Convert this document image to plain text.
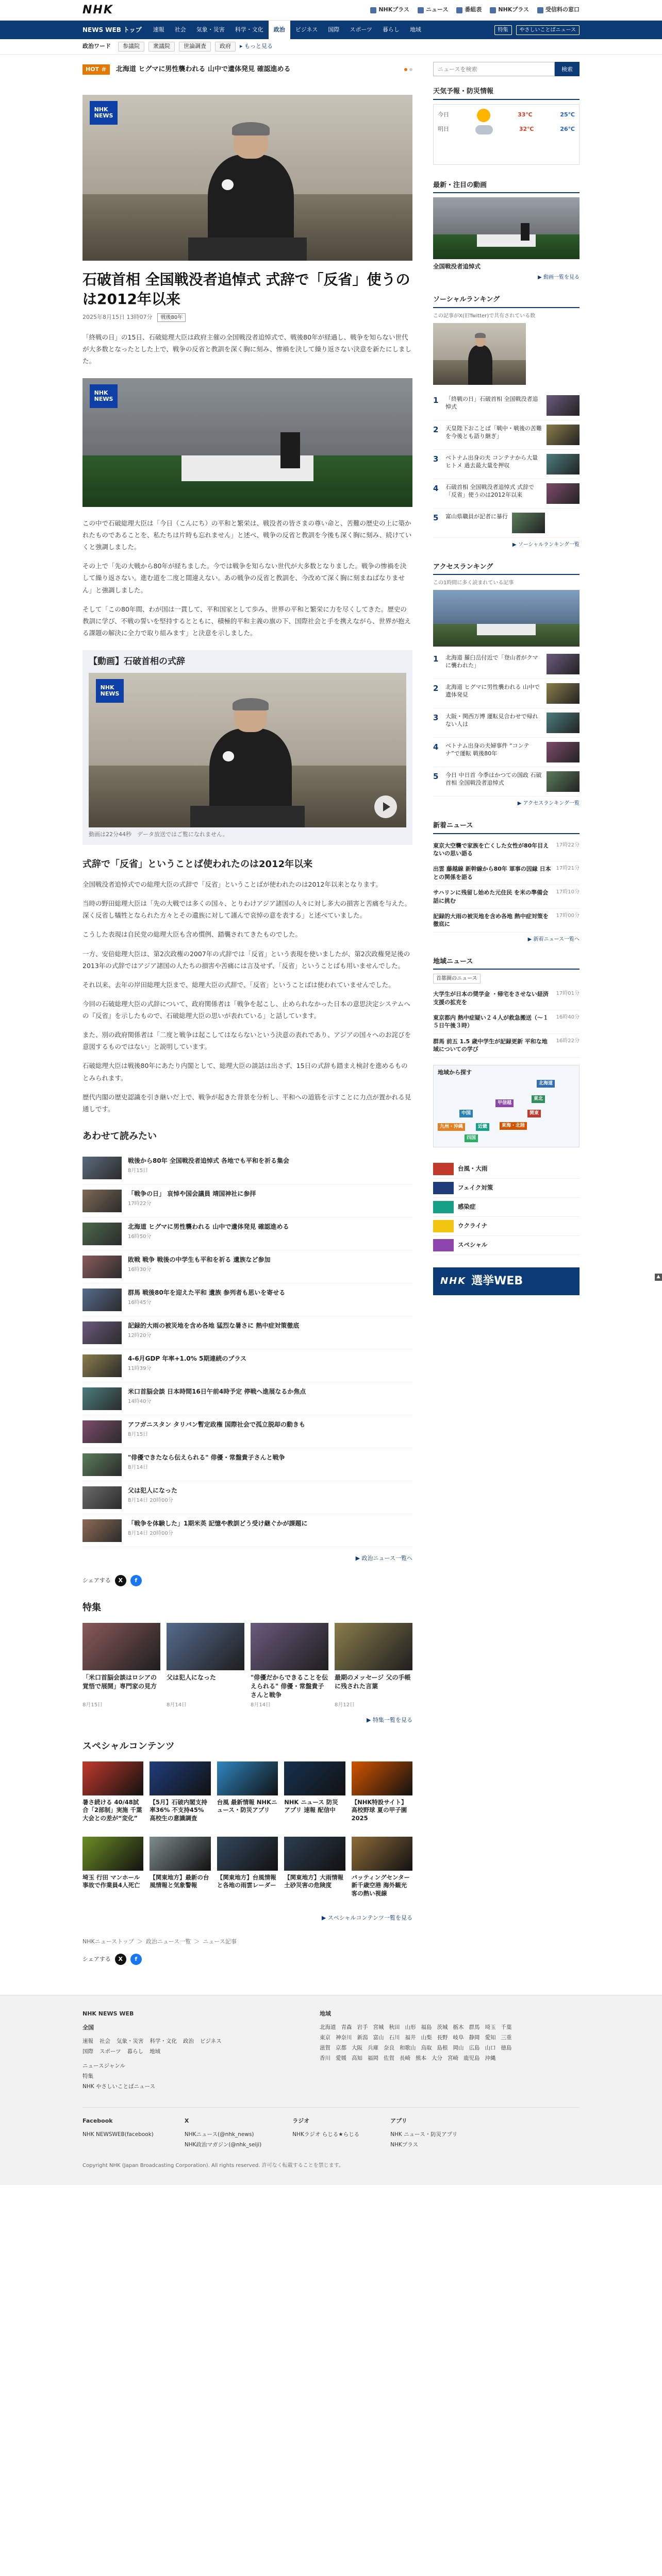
NHK	NHKプラス	ニュース	番組表	NHKプラス	受信料の窓口
NEWS WEB トップ	速報	社会	気象・災害	科学・文化	政治	ビジネス	国際	スポーツ	暮らし	地域	特集	やさしいことばニュース
政治ワード	参議院	衆議院	世論調査	政府	▸ もっと見る
HOT ＃	北海道 ヒグマに男性襲われる 山中で遺体発見 確認進める
NHK
NEWS
石破首相 全国戦没者追悼式 式辞で「反省」使うのは2012年以来
2025年8月15日 13時07分	戦後80年

「終戦の日」の15日、石破総理大臣は政府主催の全国戦没者追悼式で、戦後80年が経過し、戦争を知らない世代が大多数となったとした上で、戦争の反省と教訓を深く胸に刻み、惨禍を決して繰り返さない決意を新たにしました。

NHK
NEWS

この中で石破総理大臣は「今日（こんにち）の平和と繁栄は、戦没者の皆さまの尊い命と、苦難の歴史の上に築かれたものであることを、私たちは片時も忘れません」と述べ、戦争の反省と教訓を今後も深く胸に刻み、続けていくと強調しました。

その上で「先の大戦から80年が経ちました。今では戦争を知らない世代が大多数となりました。戦争の惨禍を決して繰り返さない。進む道を二度と間違えない。あの戦争の反省と教訓を、今改めて深く胸に刻まねばなりません」と強調しました。

そして「この80年間、わが国は一貫して、平和国家として歩み、世界の平和と繁栄に力を尽くしてきた。歴史の教訓に学び、不戦の誓いを堅持するとともに、積極的平和主義の旗の下、国際社会と手を携えながら、世界が抱える課題の解決に全力で取り組みます」と決意を示しました。

【動画】石破首相の式辞
NHK
NEWS
動画は22分44秒　データ放送ではご覧になれません。
式辞で「反省」ということば使われたのは2012年以来

全国戦没者追悼式での総理大臣の式辞で「反省」ということばが使われたのは2012年以来となります。

当時の野田総理大臣は「先の大戦では多くの国々、とりわけアジア諸国の人々に対し多大の損害と苦痛を与えた。深く反省し犠牲となられた方々とその遺族に対して謹んで哀悼の意を表する」と述べていました。

こうした表現は自民党の総理大臣も含め慣例、踏襲されてきたものでした。

一方、安倍総理大臣は、第2次政権の2007年の式辞では「反省」という表現を使いましたが、第2次政権発足後の2013年の式辞ではアジア諸国の人たちの損害や苦痛には言及せず、「反省」ということばも用いませんでした。

それ以来、去年の岸田総理大臣まで、総理大臣の式辞で、「反省」ということばは使われていませんでした。

今回の石破総理大臣の式辞について、政府関係者は「戦争を起こし、止められなかった日本の意思決定システムへの『反省』を示したもので、石破総理大臣の思いが表れている」と話しています。

また、別の政府関係者は「二度と戦争は起こしてはならないという決意の表れであり、アジアの国々へのお詫びを意図するものではない」と説明しています。

石破総理大臣は戦後80年にあたり内閣として、総理大臣の談話は出さず、15日の式辞も踏まえ検討を進めるものとみられます。

歴代内閣の歴史認識を引き継いだ上で、戦争が起きた背景を分析し、平和への道筋を示すことに力点が置かれる見通しです。

あわせて読みたい
戦後から80年 全国戦没者追悼式 各地でも平和を祈る集会
8月15日
「戦争の日」 哀悼や国会議員 靖国神社に参拝
17時22分
北海道 ヒグマに男性襲われる 山中で遺体発見 確認進める
16時50分
敗戦 戦争 戦後の中学生も平和を祈る 遺族など参加
16時30分
群馬 戦後80年を迎えた平和 遺族 参列者も思いを寄せる
16時45分
記録的大雨の被災地を含め各地 猛烈な暑さに 熱中症対策徹底
12時20分
4-6月GDP 年率+1.0% 5期連続のプラス
11時39分
米口首脳会談 日本時間16日午前4時予定 停戦へ進展なるか焦点
14時40分
アフガニスタン タリバン暫定政権 国際社会で孤立脱却の動きも
8月15日
"俳優できたなら伝えられる" 俳優・常盤貴子さんと戦争
8月14日
父は犯人になった
8月14日 20時00分
「戦争を体験した」1期米英 記憶や教訓どう受け継ぐかが課題に
8月14日 20時00分
▶ 政治ニュース一覧へ
シェアする	X	f
特集
「米口首脳会談はロシアの覚悟で展開」専門家の見方
8月15日
父は犯人になった
8月14日
"俳優だからできることを伝えられる" 俳優・常盤貴子さんと戦争
8月14日
最期のメッセージ 父の手帳に残された言葉
8月12日
▶ 特集一覧を見る
スペシャルコンテンツ
暑さ続ける 40/48試合「2部制」実施 千葉大会との差が“変化”
【5月】石破内閣支持率36% 不支持45% 高校生の意識調査
台風 最新情報 NHKニュース・防災アプリ
NHK ニュース 防災 アプリ 速報 配信中
【NHK特設サイト】高校野球 夏の甲子園 2025
埼玉 行田 マンホール事故で作業員4人死亡
【関東地方】最新の台風情報と気象警報
【関東地方】台風情報と各地の雨雲レーダー
【関東地方】大雨情報 土砂災害の危険度
バッティングセンター 新千歳空港 海外観光客の熱い視線
▶ スペシャルコンテンツ一覧を見る
NHKニューストップ ＞ 政治ニュース一覧 ＞ ニュース記事
シェアする	X	f
ニュースを検索
検索
天気予報・防災情報
今日	33℃	25℃
明日	32℃	26℃
最新・注目の動画
全国戦没者追悼式
▶ 動画一覧を見る
ソーシャルランキング
この記事がX(旧Twitter)で共有されている数
1	「終戦の日」石破首相 全国戦没者追悼式
2	天皇陛下おことば「戦中・戦後の苦難を今後とも語り継ぎ」
3	ベトナム出身の夫 コンテナから大量ヒトメ 過去最大量を押収
4	石破首相 全国戦没者追悼式 式辞で「反省」使うのは2012年以来
5	富山県職員が記者に暴行
▶ ソーシャルランキング一覧
アクセスランキング
この1時間に多く読まれている記事
1	北海道 羅臼岳付近で「登山者がクマに襲われた」
2	北海道 ヒグマに男性襲われる 山中で遺体発見
3	大阪・関西万博 運転見合わせで帰れない人は
4	ベトナム出身の夫婦事件 “コンテナ”で運転 戦後80年
5	今日 中日首 今季はかつての国政 石破首相 全国戦没者追悼式
▶ アクセスランキング一覧
新着ニュース
東京大空襲で家族を亡くした女性が80年目えないの思い語る
17時22分
出雲 藤越線 新幹線から80年 軍事の因縁 日本との関係を語る
17時21分
サハリンに残留し始めた元住民 を米の準備会話に挑む
17時10分
記録的大雨の被災地を含め各地 熱中症対策を徹底に
17時00分
▶ 新着ニュース一覧へ
地域ニュース
首都圏のニュース
大学生が日本の奨学金 ・帰宅をさせない経済支援の拡充を
17時01分
東京都内 熱中症疑い２４人が救急搬送（～１５日午後３時）
16時40分
群馬 前五 1.5 歳中学生が記録更新 平和な地域についての学び
16時22分
地域から探す
北海道
東北
関東
甲信越
東海・北陸
近畿
中国
四国
九州・沖縄
台風・大雨
フェイク対策
感染症
ウクライナ
スペシャル
NHK 選挙WEB
NHK NEWS WEB
全国
速報 社会 気象・災害 科学・文化 政治 ビジネス
国際 スポーツ 暮らし 地域
ニュースジャンル
特集
NHK やさしいことばニュース
地域
北海道 青森 岩手 宮城 秋田 山形 福島 茨城 栃木 群馬 埼玉 千葉
東京 神奈川 新潟 富山 石川 福井 山梨 長野 岐阜 静岡 愛知 三重
滋賀 京都 大阪 兵庫 奈良 和歌山 鳥取 島根 岡山 広島 山口 徳島
香川 愛媛 高知 福岡 佐賀 長崎 熊本 大分 宮崎 鹿児島 沖縄
Facebook
NHK NEWSWEB(facebook)
X
NHKニュース(@nhk_news)
NHK政治マガジン(@nhk_seiji)
ラジオ
NHKラジオ らじる★らじる
アプリ
NHK ニュース・防災アプリ
NHKプラス
Copyright NHK (Japan Broadcasting Corporation). All rights reserved. 許可なく転載することを禁じます。
▲
